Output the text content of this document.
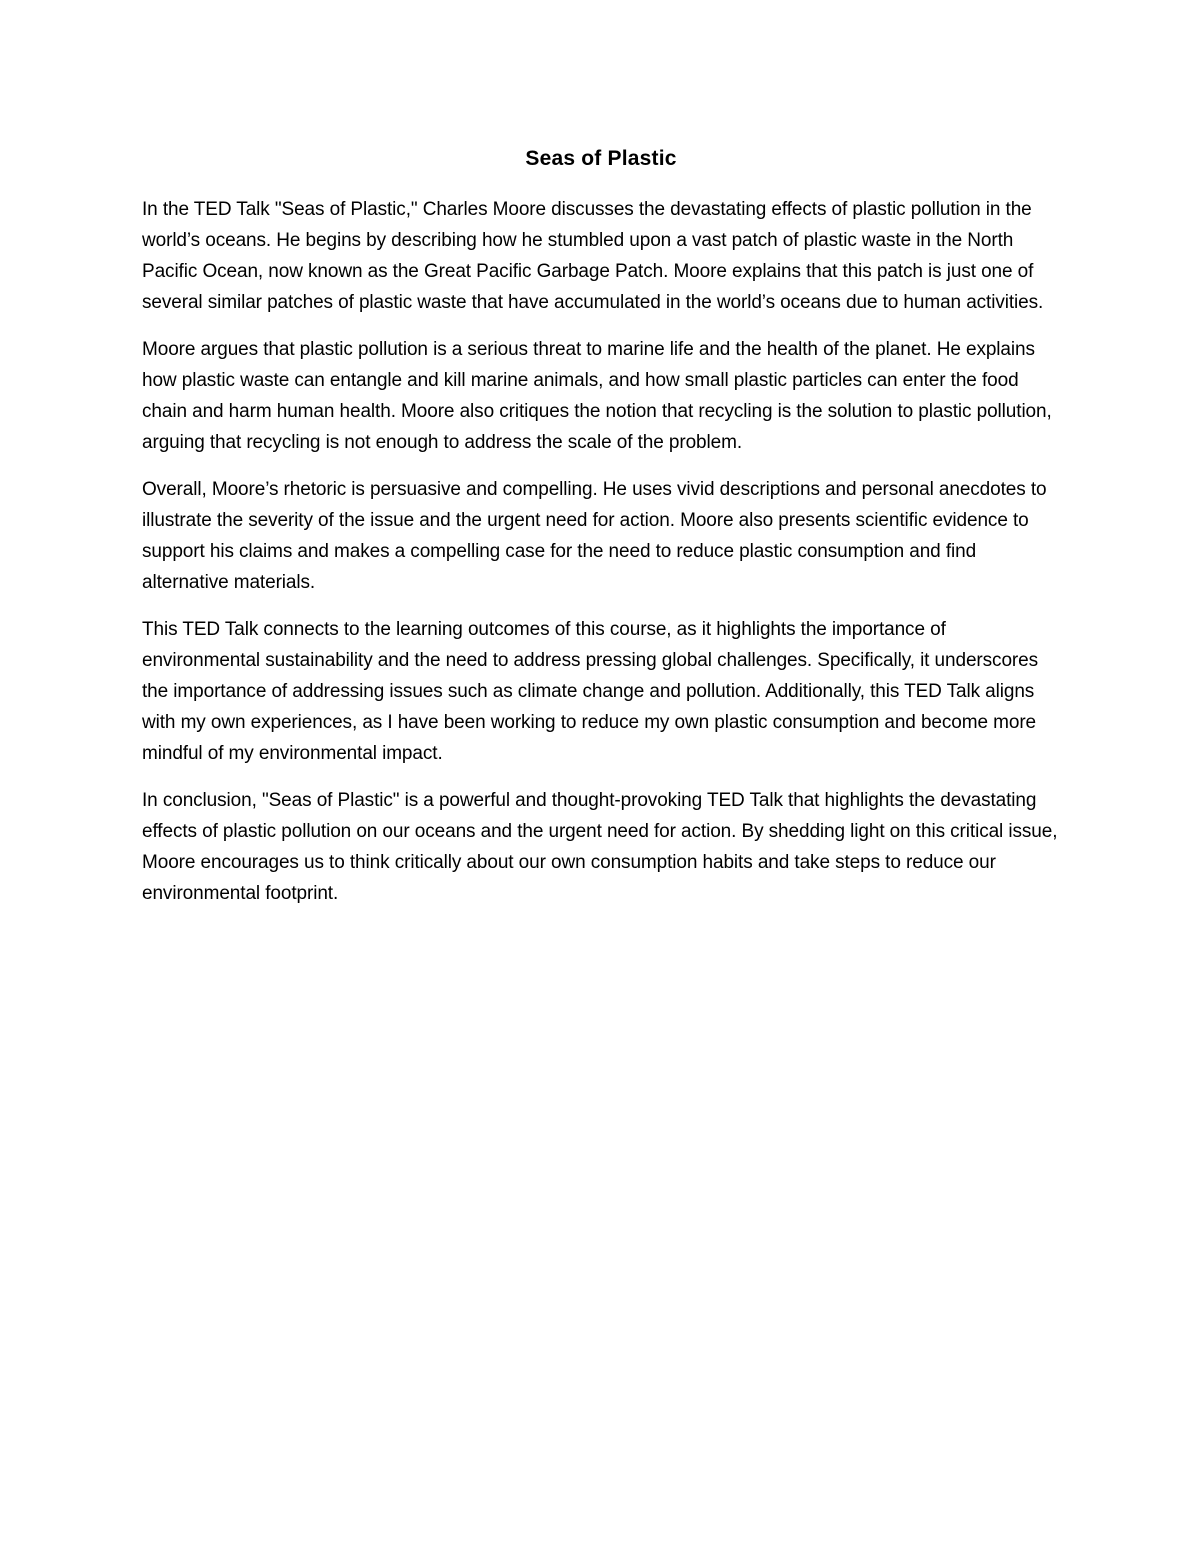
Seas of Plastic

In the TED Talk "Seas of Plastic," Charles Moore discusses the devastating effects of plastic pollution in the world’s oceans. He begins by describing how he stumbled upon a vast patch of plastic waste in the North Pacific Ocean, now known as the Great Pacific Garbage Patch. Moore explains that this patch is just one of several similar patches of plastic waste that have accumulated in the world’s oceans due to human activities.

Moore argues that plastic pollution is a serious threat to marine life and the health of the planet. He explains how plastic waste can entangle and kill marine animals, and how small plastic particles can enter the food chain and harm human health. Moore also critiques the notion that recycling is the solution to plastic pollution, arguing that recycling is not enough to address the scale of the problem.

Overall, Moore’s rhetoric is persuasive and compelling. He uses vivid descriptions and personal anecdotes to illustrate the severity of the issue and the urgent need for action. Moore also presents scientific evidence to support his claims and makes a compelling case for the need to reduce plastic consumption and find alternative materials.

This TED Talk connects to the learning outcomes of this course, as it highlights the importance of environmental sustainability and the need to address pressing global challenges. Specifically, it underscores the importance of addressing issues such as climate change and pollution. Additionally, this TED Talk aligns with my own experiences, as I have been working to reduce my own plastic consumption and become more mindful of my environmental impact.

In conclusion, "Seas of Plastic" is a powerful and thought-provoking TED Talk that highlights the devastating effects of plastic pollution on our oceans and the urgent need for action. By shedding light on this critical issue, Moore encourages us to think critically about our own consumption habits and take steps to reduce our environmental footprint.
